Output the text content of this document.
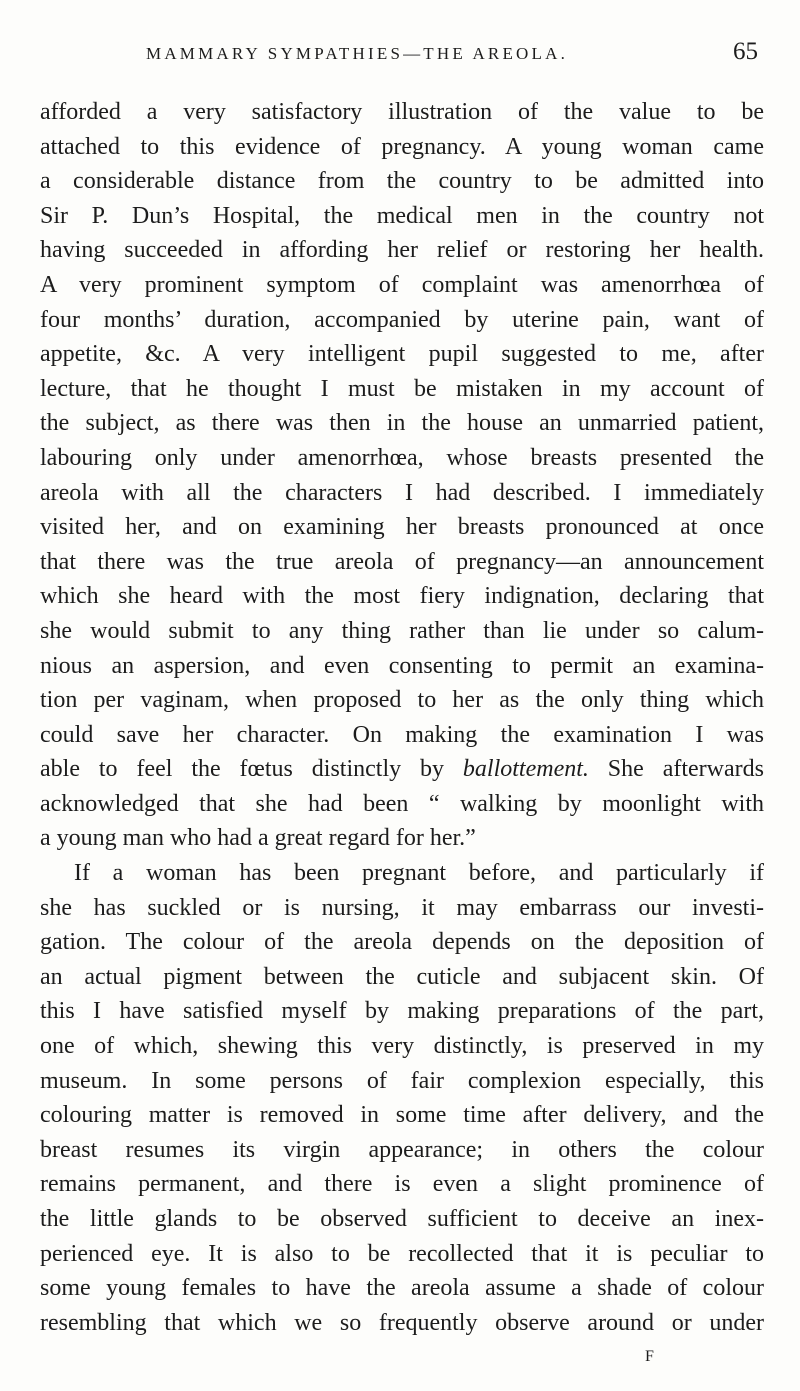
MAMMARY SYMPATHIES—THE AREOLA.	65
afforded a very satisfactory illustration of the value to be
attached to this evidence of pregnancy. A young woman came
a considerable distance from the country to be admitted into
Sir P. Dun’s Hospital, the medical men in the country not
having succeeded in affording her relief or restoring her health.
A very prominent symptom of complaint was amenorrhœa of
four months’ duration, accompanied by uterine pain, want of
appetite, &c. A very intelligent pupil suggested to me, after
lecture, that he thought I must be mistaken in my account of
the subject, as there was then in the house an unmarried patient,
labouring only under amenorrhœa, whose breasts presented the
areola with all the characters I had described. I immediately
visited her, and on examining her breasts pronounced at once
that there was the true areola of pregnancy—an announcement
which she heard with the most fiery indignation, declaring that
she would submit to any thing rather than lie under so calum-
nious an aspersion, and even consenting to permit an examina-
tion per vaginam, when proposed to her as the only thing which
could save her character. On making the examination I was
able to feel the fœtus distinctly by ballottement. She afterwards
acknowledged that she had been “ walking by moonlight with
a young man who had a great regard for her.”
If a woman has been pregnant before, and particularly if
she has suckled or is nursing, it may embarrass our investi-
gation. The colour of the areola depends on the deposition of
an actual pigment between the cuticle and subjacent skin. Of
this I have satisfied myself by making preparations of the part,
one of which, shewing this very distinctly, is preserved in my
museum. In some persons of fair complexion especially, this
colouring matter is removed in some time after delivery, and the
breast resumes its virgin appearance; in others the colour
remains permanent, and there is even a slight prominence of
the little glands to be observed sufficient to deceive an inex-
perienced eye. It is also to be recollected that it is peculiar to
some young females to have the areola assume a shade of colour
resembling that which we so frequently observe around or under
F
